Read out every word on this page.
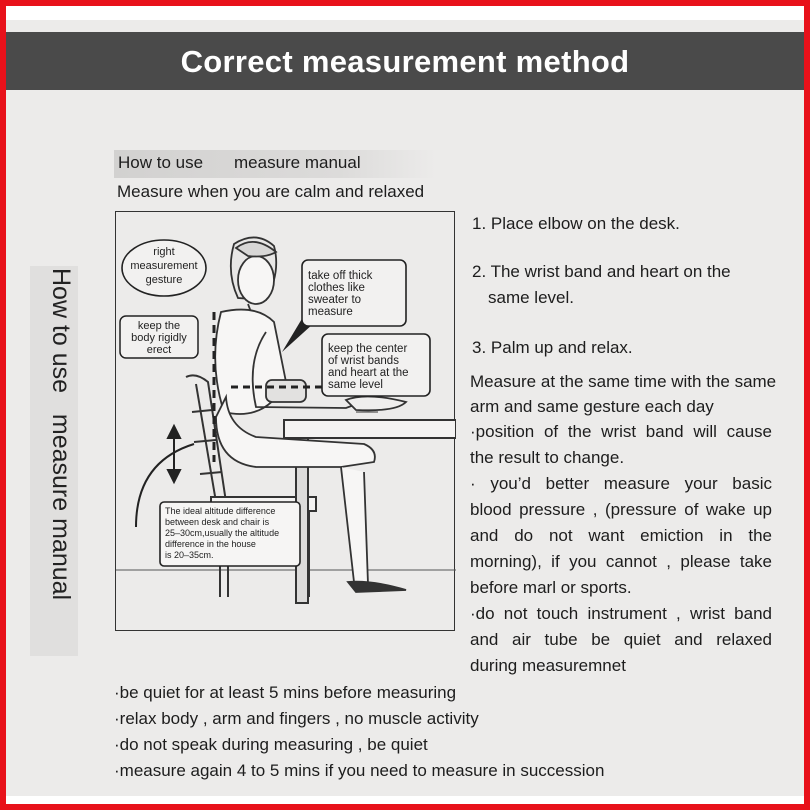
Correct measurement method
How to use   measure manual
How to use measure manual
Measure when you are calm and relaxed
right
measurement
gesture
keep the
body rigidly
erect
take off thick
clothes like
sweater to
measure
keep the center
of wrist bands
and heart at the
same level
The ideal altitude difference
between desk and chair is
25–30cm,usually the altitude
difference in the house
is 20–35cm.
1. Place elbow on the desk.
2. The wrist band and heart on the
same level.
3. Palm up and relax.
Measure at the same time with the same
arm and same gesture each day
·position of the wrist band will cause
the result to change.
· you’d better measure your basic
blood pressure , (pressure of wake up
and do not want emiction in the
morning), if you cannot , please take
before marl or sports.
·do not touch instrument , wrist band
and air tube be quiet and relaxed
during measuremnet
·be quiet for at least 5 mins before measuring
·relax body , arm and fingers , no muscle activity
·do not speak during measuring , be quiet
·measure again 4 to 5 mins if you need to measure in succession
